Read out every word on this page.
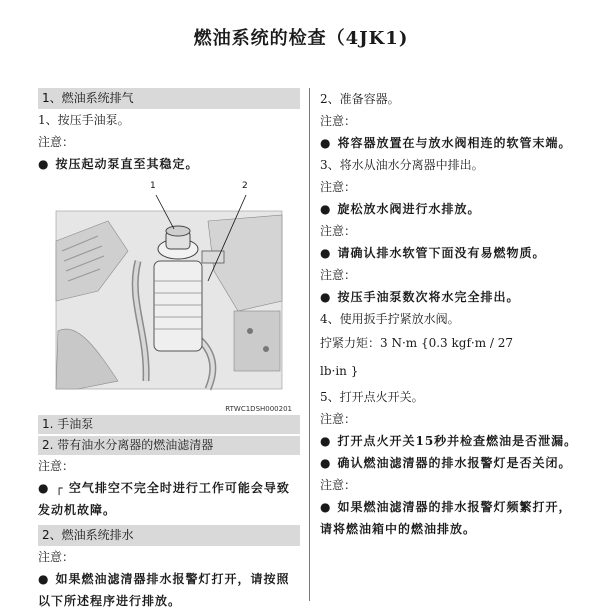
燃油系统的检查（4JK1)
1、燃油系统排气
1、按压手油泵。
注意：
● 按压起动泵直至其稳定。
1	2
RTWC1DSH000201
1. 手油泵
2. 带有油水分离器的燃油滤清器
注意：
● ┌ 空气排空不完全时进行工作可能会导致发动机故障。
2、燃油系统排水
注意：
● 如果燃油滤清器排水报警灯打开，请按照以下所述程序进行排放。
2、准备容器。
注意：
● 将容器放置在与放水阀相连的软管末端。
3、将水从油水分离器中排出。
注意：
● 旋松放水阀进行水排放。
注意：
● 请确认排水软管下面没有易燃物质。
注意：
● 按压手油泵数次将水完全排出。
4、使用扳手拧紧放水阀。
拧紧力矩：3 N·m {0.3 kgf·m / 27
lb·in }
5、打开点火开关。
注意：
● 打开点火开关15秒并检查燃油是否泄漏。
● 确认燃油滤清器的排水报警灯是否关闭。
注意：
● 如果燃油滤清器的排水报警灯频繁打开，请将燃油箱中的燃油排放。
